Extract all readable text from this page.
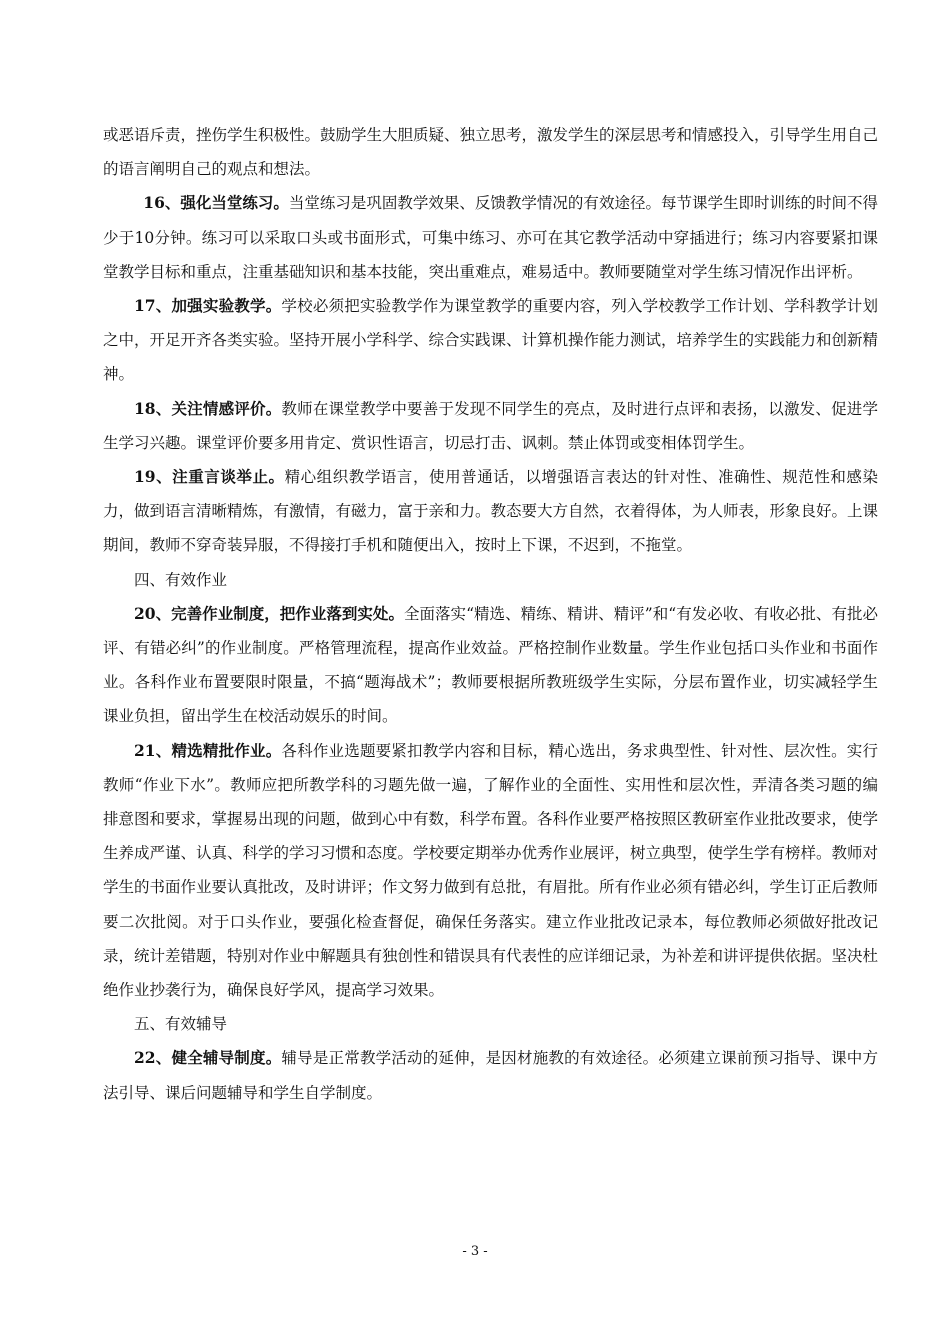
或恶语斥责，挫伤学生积极性。鼓励学生大胆质疑、独立思考，激发学生的深层思考和情感投入，引导学生用自己的语言阐明自己的观点和想法。

16、强化当堂练习。当堂练习是巩固教学效果、反馈教学情况的有效途径。每节课学生即时训练的时间不得少于10分钟。练习可以采取口头或书面形式，可集中练习、亦可在其它教学活动中穿插进行；练习内容要紧扣课堂教学目标和重点，注重基础知识和基本技能，突出重难点，难易适中。教师要随堂对学生练习情况作出评析。

17、加强实验教学。学校必须把实验教学作为课堂教学的重要内容，列入学校教学工作计划、学科教学计划之中，开足开齐各类实验。坚持开展小学科学、综合实践课、计算机操作能力测试，培养学生的实践能力和创新精神。

18、关注情感评价。教师在课堂教学中要善于发现不同学生的亮点，及时进行点评和表扬，以激发、促进学生学习兴趣。课堂评价要多用肯定、赏识性语言，切忌打击、讽刺。禁止体罚或变相体罚学生。

19、注重言谈举止。精心组织教学语言，使用普通话，以增强语言表达的针对性、准确性、规范性和感染力，做到语言清晰精炼，有激情，有磁力，富于亲和力。教态要大方自然，衣着得体，为人师表，形象良好。上课期间，教师不穿奇装异服，不得接打手机和随便出入，按时上下课，不迟到，不拖堂。

四、有效作业

20、完善作业制度，把作业落到实处。全面落实“精选、精练、精讲、精评”和“有发必收、有收必批、有批必评、有错必纠”的作业制度。严格管理流程，提高作业效益。严格控制作业数量。学生作业包括口头作业和书面作业。各科作业布置要限时限量，不搞“题海战术”；教师要根据所教班级学生实际，分层布置作业，切实减轻学生课业负担，留出学生在校活动娱乐的时间。

21、精选精批作业。各科作业选题要紧扣教学内容和目标，精心选出，务求典型性、针对性、层次性。实行教师“作业下水”。教师应把所教学科的习题先做一遍，了解作业的全面性、实用性和层次性，弄清各类习题的编排意图和要求，掌握易出现的问题，做到心中有数，科学布置。各科作业要严格按照区教研室作业批改要求，使学生养成严谨、认真、科学的学习习惯和态度。学校要定期举办优秀作业展评，树立典型，使学生学有榜样。教师对学生的书面作业要认真批改，及时讲评；作文努力做到有总批，有眉批。所有作业必须有错必纠，学生订正后教师要二次批阅。对于口头作业，要强化检查督促，确保任务落实。建立作业批改记录本，每位教师必须做好批改记录，统计差错题，特别对作业中解题具有独创性和错误具有代表性的应详细记录，为补差和讲评提供依据。坚决杜绝作业抄袭行为，确保良好学风，提高学习效果。

五、有效辅导

22、健全辅导制度。辅导是正常教学活动的延伸，是因材施教的有效途径。必须建立课前预习指导、课中方法引导、课后问题辅导和学生自学制度。

- 3 -
